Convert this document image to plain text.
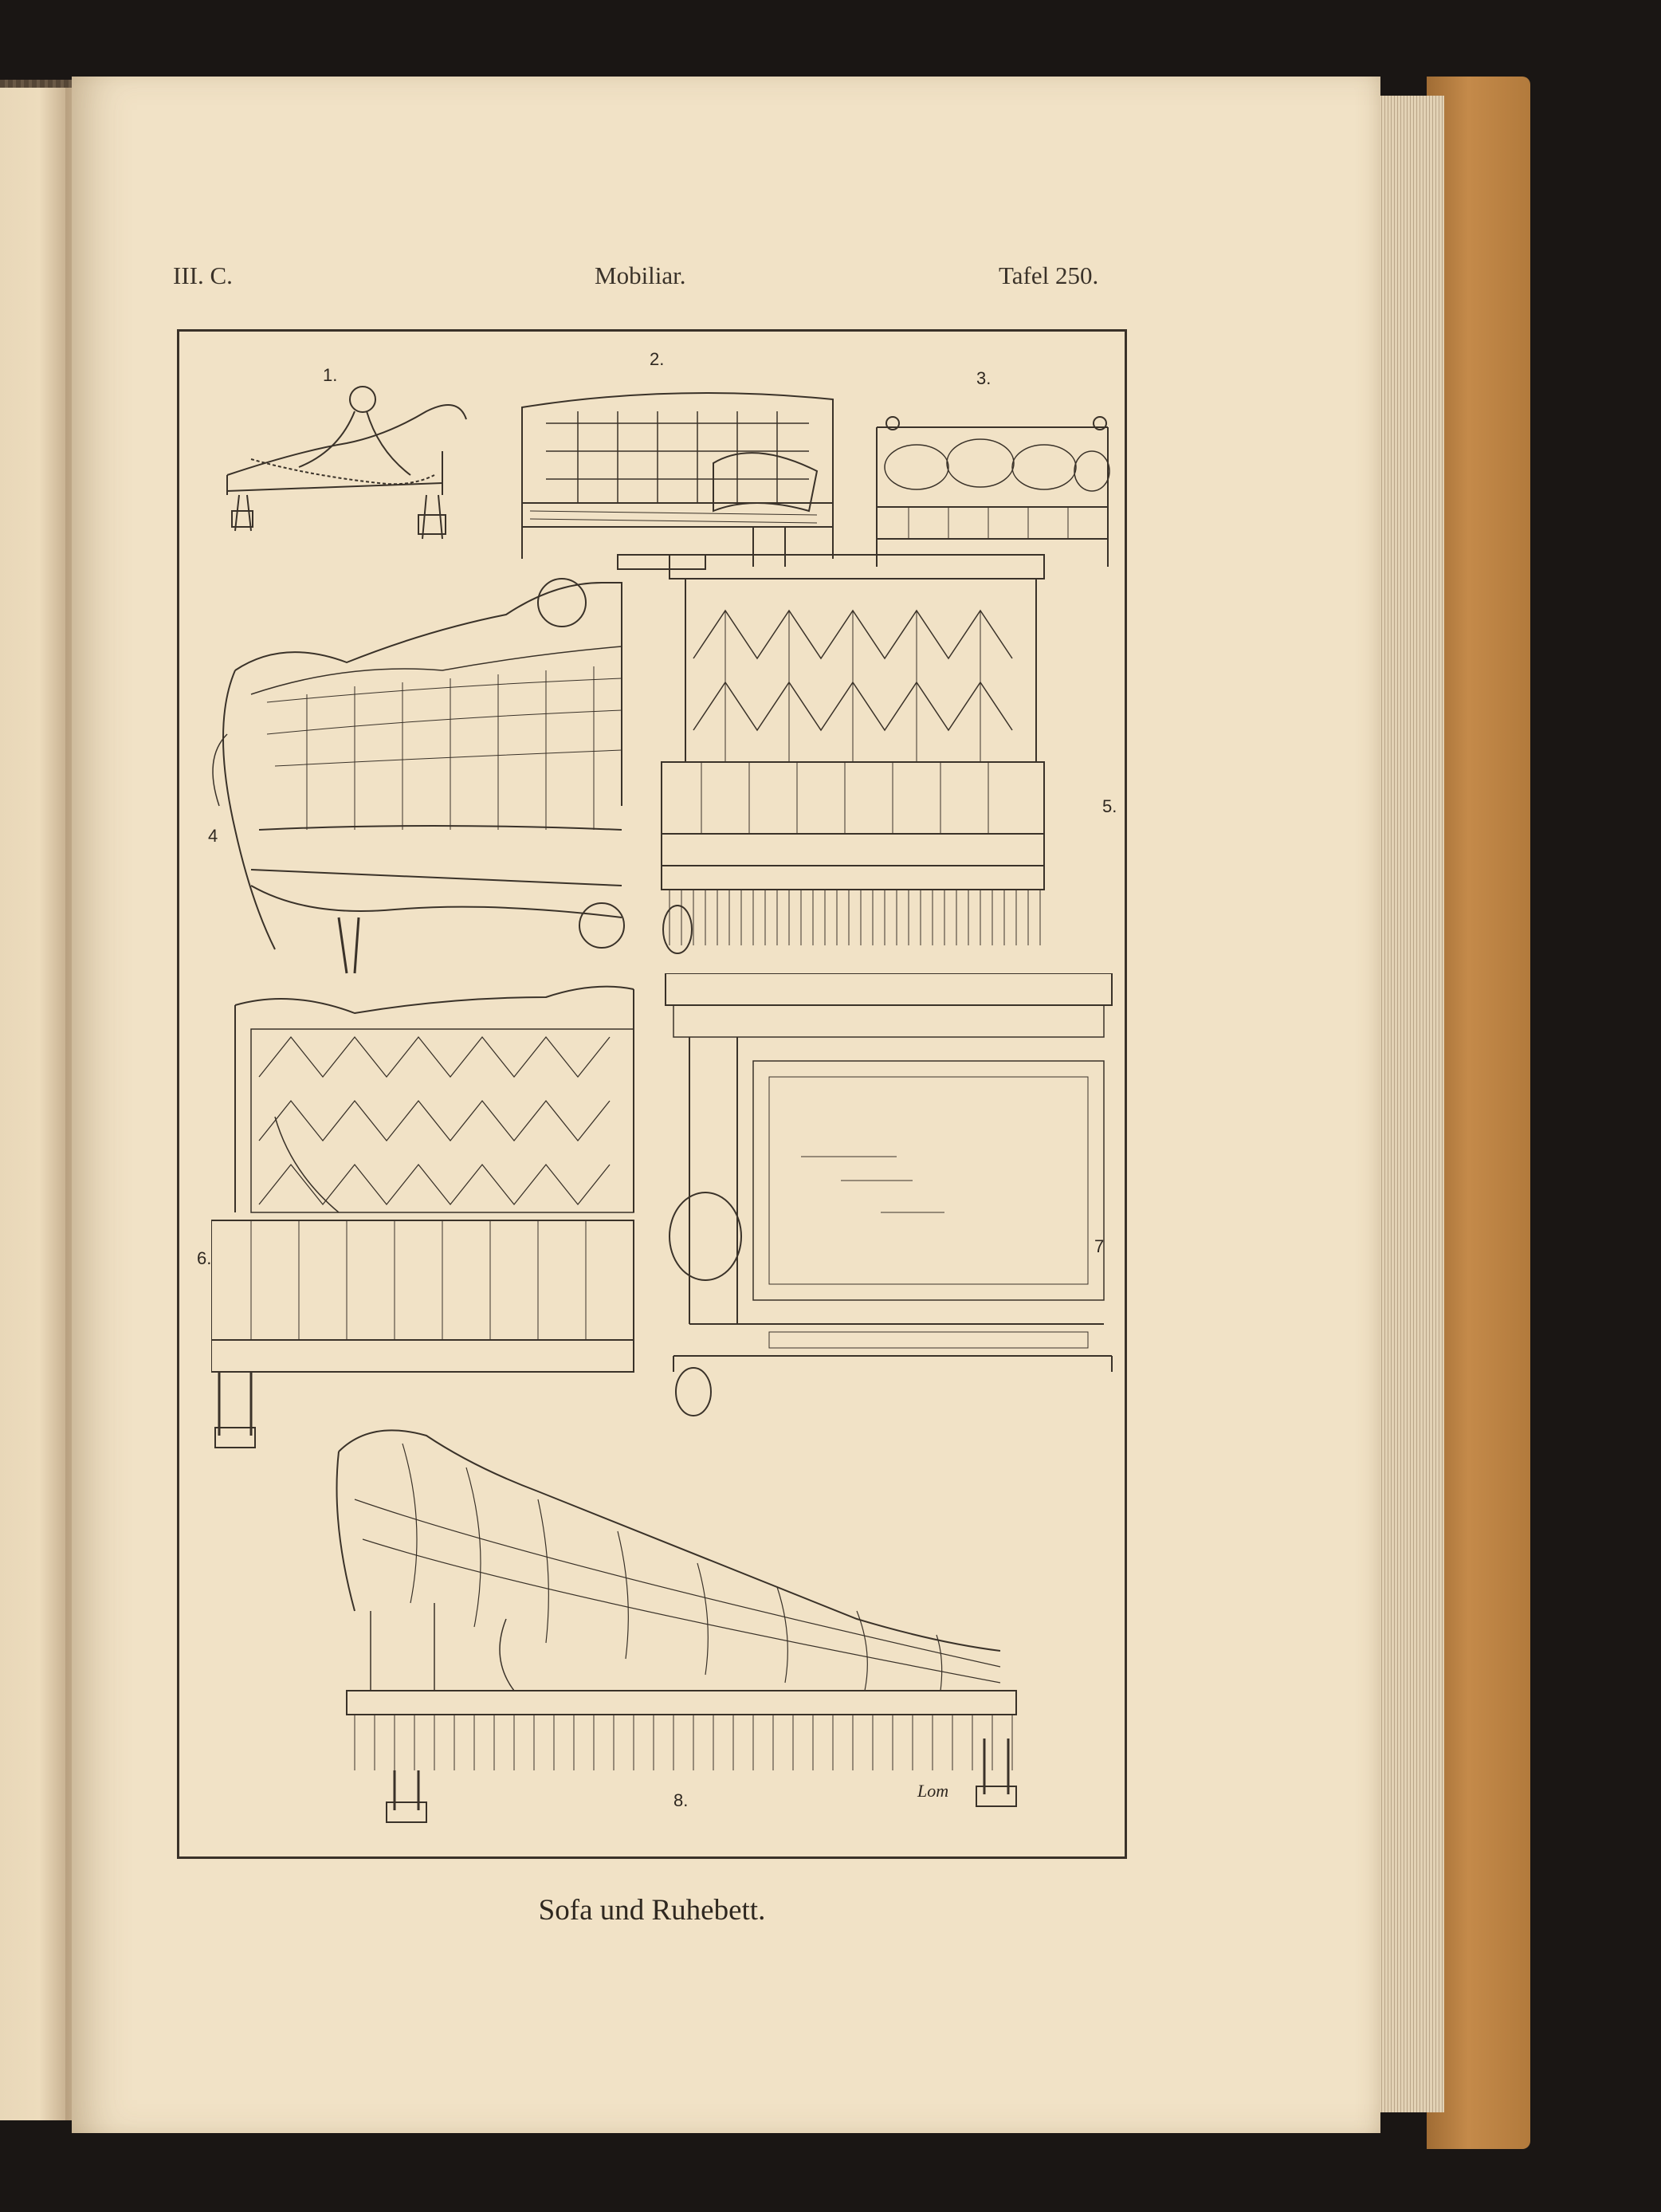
III. C.	Mobiliar.	Tafel 250.
1.
2.
3.
4
5.
6.
7
8.	Lom
Sofa und Ruhebett.
